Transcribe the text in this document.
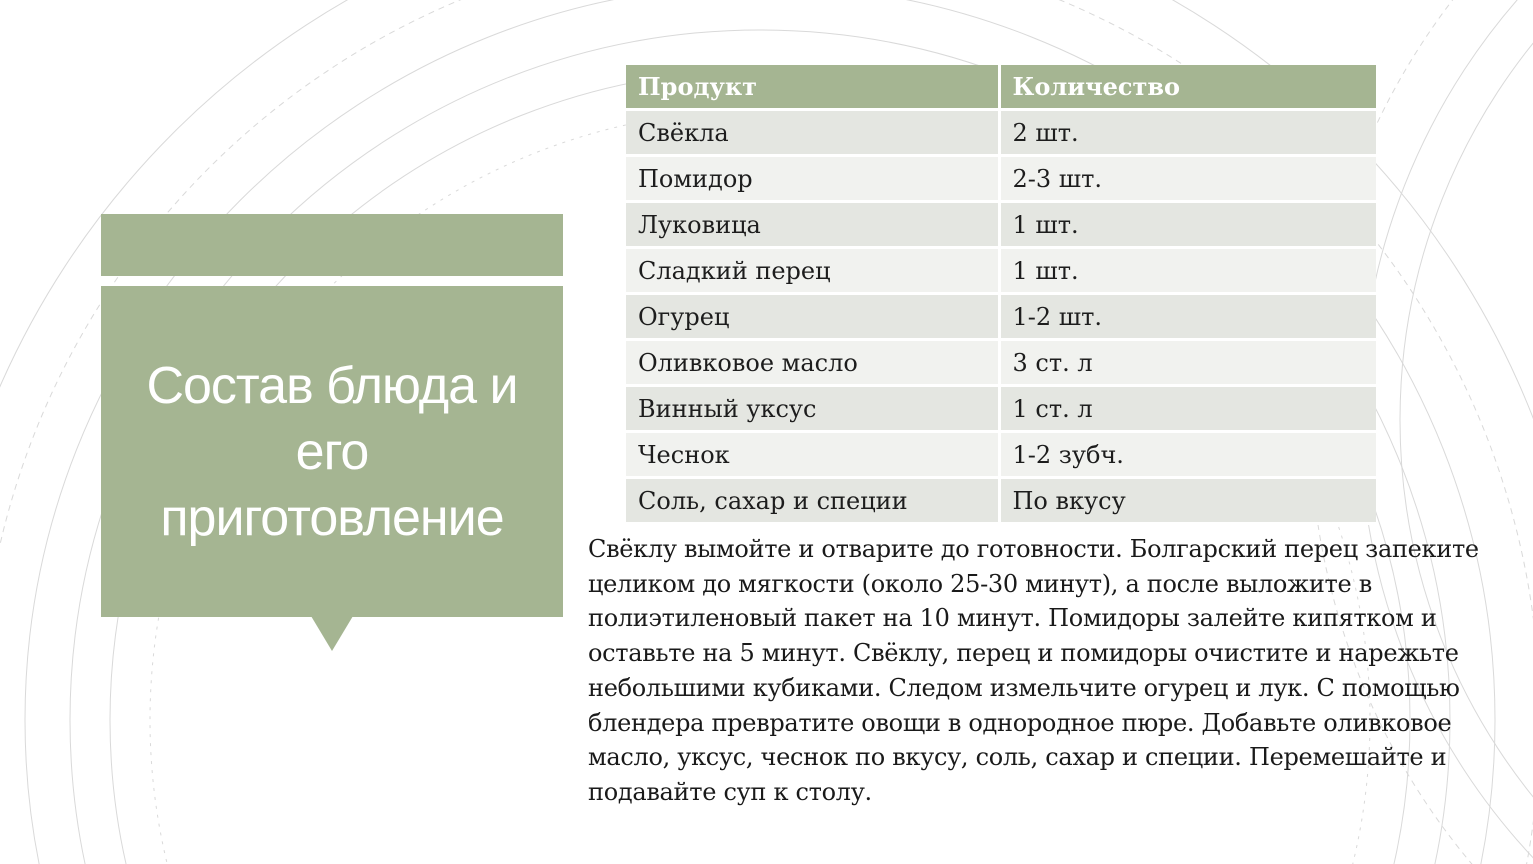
Состав блюда и его приготовление
Продукт	Количество
Свёкла	2 шт.
Помидор	2-3 шт.
Луковица	1 шт.
Сладкий перец	1 шт.
Огурец	1-2 шт.
Оливковое масло	3 ст. л
Винный уксус	1 ст. л
Чеснок	1-2 зубч.
Соль, сахар и специи	По вкусу

Свёклу вымойте и отварите до готовности. Болгарский перец запеките целиком до мягкости (около 25-30 минут), а после выложите в полиэтиленовый пакет на 10 минут. Помидоры залейте кипятком и оставьте на 5 минут. Свёклу, перец и помидоры очистите и нарежьте небольшими кубиками. Следом измельчите огурец и лук. С помощью блендера превратите овощи в однородное пюре. Добавьте оливковое масло, уксус, чеснок по вкусу, соль, сахар и специи. Перемешайте и подавайте суп к столу.
